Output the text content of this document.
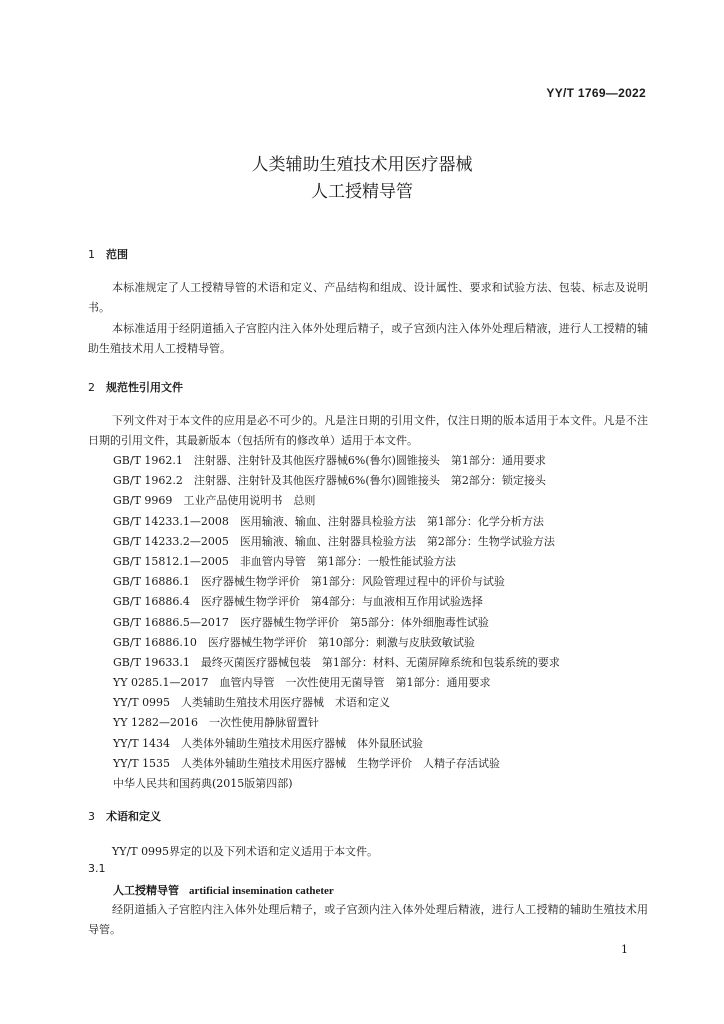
YY/T 1769—2022
人类辅助生殖技术用医疗器械
人工授精导管
1 范围
本标准规定了人工授精导管的术语和定义、产品结构和组成、设计属性、要求和试验方法、包装、标志及说明书。
本标准适用于经阴道插入子宫腔内注入体外处理后精子，或子宫颈内注入体外处理后精液，进行人工授精的辅助生殖技术用人工授精导管。
2 规范性引用文件
下列文件对于本文件的应用是必不可少的。凡是注日期的引用文件，仅注日期的版本适用于本文件。凡是不注日期的引用文件，其最新版本（包括所有的修改单）适用于本文件。
GB/T 1962.1　注射器、注射针及其他医疗器械6%(鲁尔)圆锥接头　第1部分：通用要求
GB/T 1962.2　注射器、注射针及其他医疗器械6%(鲁尔)圆锥接头　第2部分：锁定接头
GB/T 9969　工业产品使用说明书　总则
GB/T 14233.1—2008　医用输液、输血、注射器具检验方法　第1部分：化学分析方法
GB/T 14233.2—2005　医用输液、输血、注射器具检验方法　第2部分：生物学试验方法
GB/T 15812.1—2005　非血管内导管　第1部分：一般性能试验方法
GB/T 16886.1　医疗器械生物学评价　第1部分：风险管理过程中的评价与试验
GB/T 16886.4　医疗器械生物学评价　第4部分：与血液相互作用试验选择
GB/T 16886.5—2017　医疗器械生物学评价　第5部分：体外细胞毒性试验
GB/T 16886.10　医疗器械生物学评价　第10部分：刺激与皮肤致敏试验
GB/T 19633.1　最终灭菌医疗器械包装　第1部分：材料、无菌屏障系统和包装系统的要求
YY 0285.1—2017　血管内导管　一次性使用无菌导管　第1部分：通用要求
YY/T 0995　人类辅助生殖技术用医疗器械　术语和定义
YY 1282—2016　一次性使用静脉留置针
YY/T 1434　人类体外辅助生殖技术用医疗器械　体外鼠胚试验
YY/T 1535　人类体外辅助生殖技术用医疗器械　生物学评价　人精子存活试验
中华人民共和国药典(2015版第四部)
3 术语和定义
YY/T 0995界定的以及下列术语和定义适用于本文件。
3.1
人工授精导管 artificial insemination catheter
经阴道插入子宫腔内注入体外处理后精子，或子宫颈内注入体外处理后精液，进行人工授精的辅助生殖技术用导管。
1
